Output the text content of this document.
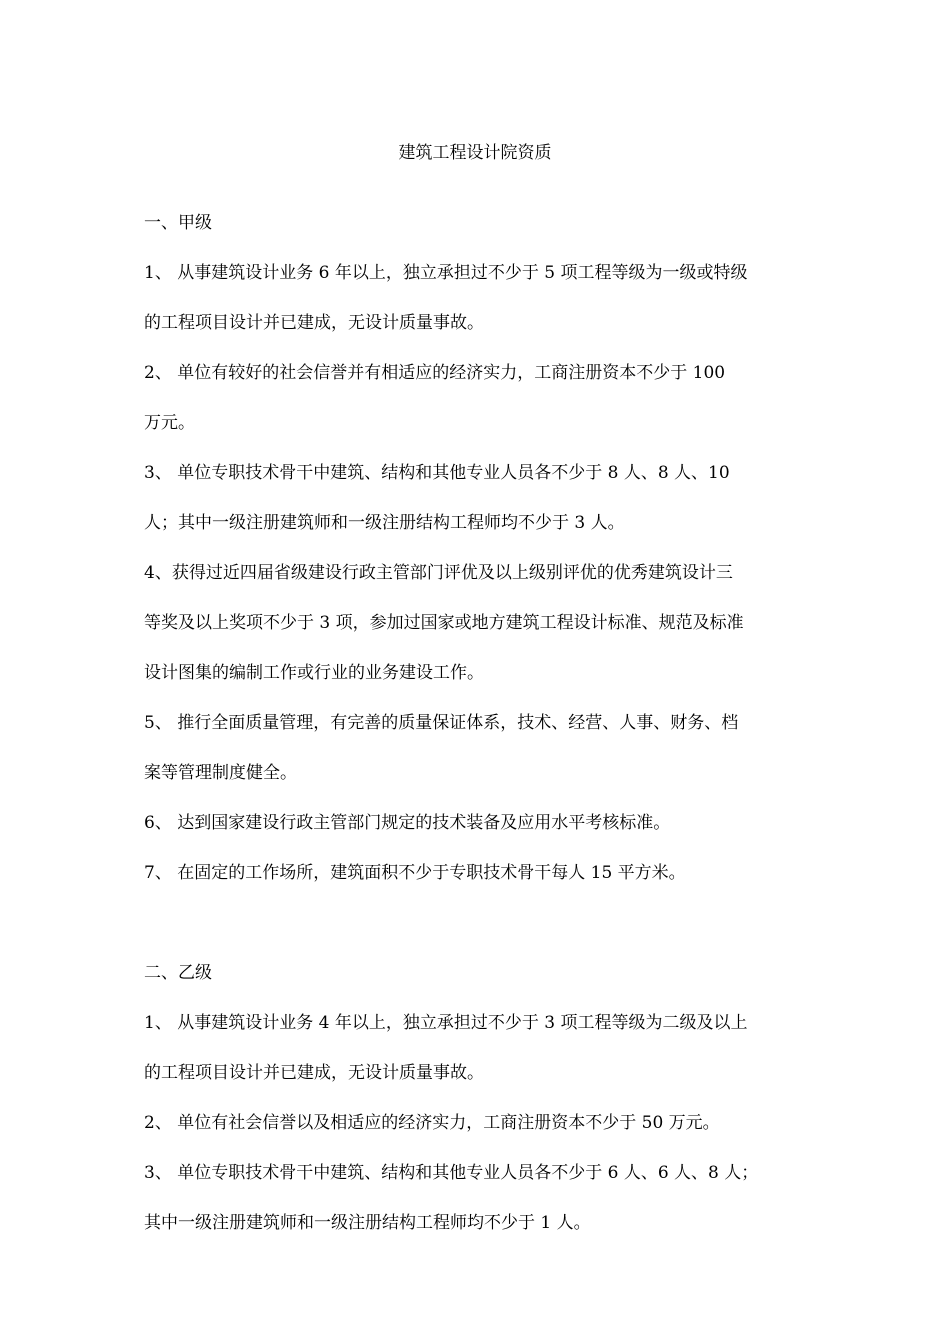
建筑工程设计院资质

一、甲级

1、 从事建筑设计业务 6 年以上，独立承担过不少于 5 项工程等级为一级或特级

的工程项目设计并已建成，无设计质量事故。

2、 单位有较好的社会信誉并有相适应的经济实力，工商注册资本不少于 100

万元。

3、 单位专职技术骨干中建筑、结构和其他专业人员各不少于 8 人、8 人、10

人；其中一级注册建筑师和一级注册结构工程师均不少于 3 人。

4、获得过近四届省级建设行政主管部门评优及以上级别评优的优秀建筑设计三

等奖及以上奖项不少于 3 项，参加过国家或地方建筑工程设计标准、规范及标准

设计图集的编制工作或行业的业务建设工作。

5、 推行全面质量管理，有完善的质量保证体系，技术、经营、人事、财务、档

案等管理制度健全。

6、 达到国家建设行政主管部门规定的技术装备及应用水平考核标准。

7、 在固定的工作场所，建筑面积不少于专职技术骨干每人 15 平方米。

二、乙级

1、 从事建筑设计业务 4 年以上，独立承担过不少于 3 项工程等级为二级及以上

的工程项目设计并已建成，无设计质量事故。

2、 单位有社会信誉以及相适应的经济实力，工商注册资本不少于 50 万元。

3、 单位专职技术骨干中建筑、结构和其他专业人员各不少于 6 人、6 人、8 人；

其中一级注册建筑师和一级注册结构工程师均不少于 1 人。
